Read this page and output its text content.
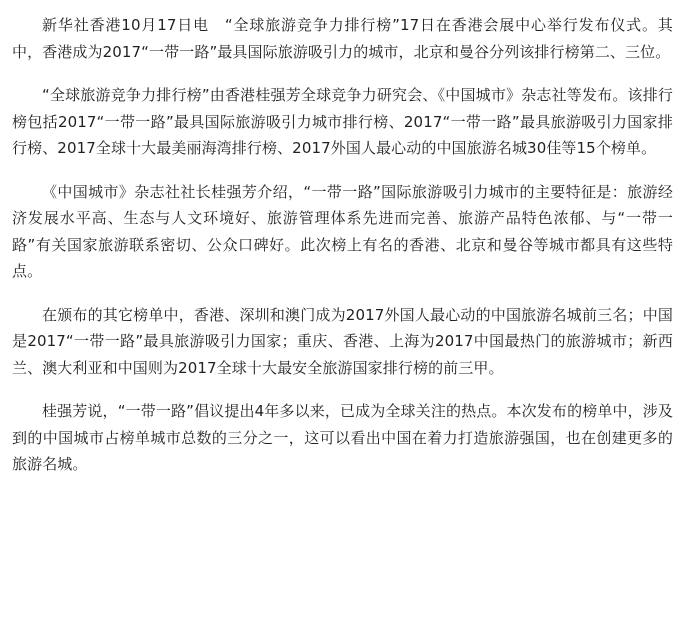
新华社香港10月17日电　“全球旅游竞争力排行榜”17日在香港会展中心举行发布仪式。其中，香港成为2017“一带一路”最具国际旅游吸引力的城市，北京和曼谷分列该排行榜第二、三位。

“全球旅游竞争力排行榜”由香港桂强芳全球竞争力研究会、《中国城市》杂志社等发布。该排行榜包括2017“一带一路”最具国际旅游吸引力城市排行榜、2017“一带一路”最具旅游吸引力国家排行榜、2017全球十大最美丽海湾排行榜、2017外国人最心动的中国旅游名城30佳等15个榜单。

《中国城市》杂志社社长桂强芳介绍，“一带一路”国际旅游吸引力城市的主要特征是：旅游经济发展水平高、生态与人文环境好、旅游管理体系先进而完善、旅游产品特色浓郁、与“一带一路”有关国家旅游联系密切、公众口碑好。此次榜上有名的香港、北京和曼谷等城市都具有这些特点。

在颁布的其它榜单中，香港、深圳和澳门成为2017外国人最心动的中国旅游名城前三名；中国是2017“一带一路”最具旅游吸引力国家；重庆、香港、上海为2017中国最热门的旅游城市；新西兰、澳大利亚和中国则为2017全球十大最安全旅游国家排行榜的前三甲。

桂强芳说，“一带一路”倡议提出4年多以来，已成为全球关注的热点。本次发布的榜单中，涉及到的中国城市占榜单城市总数的三分之一，这可以看出中国在着力打造旅游强国，也在创建更多的旅游名城。
